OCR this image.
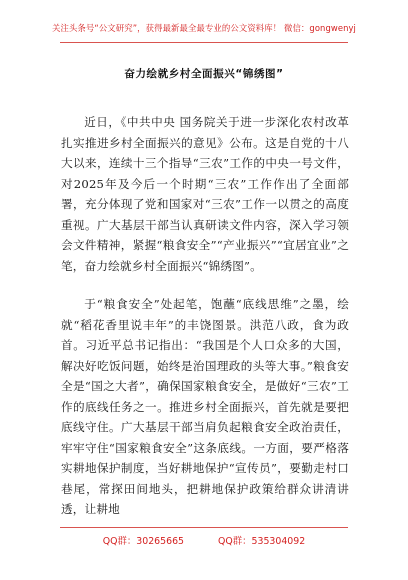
关注头条号“公文研究”，获得最新最全最专业的公文资料库！ 微信：gongwenyj
奋力绘就乡村全面振兴“锦绣图”

近日，《中共中央 国务院关于进一步深化农村改革 扎实推进乡村全面振兴的意见》公布。这是自党的十八大以来，连续十三个指导“三农”工作的中央一号文件，对2025年及今后一个时期“三农”工作作出了全面部署，充分体现了党和国家对“三农”工作一以贯之的高度重视。广大基层干部当认真研读文件内容，深入学习领会文件精神，紧握“粮食安全”“产业振兴”“宜居宜业”之笔，奋力绘就乡村全面振兴“锦绣图”。

于“粮食安全”处起笔，饱蘸“底线思维”之墨，绘就“稻花香里说丰年”的丰饶图景。洪范八政，食为政首。习近平总书记指出：“我国是个人口众多的大国，解决好吃饭问题，始终是治国理政的头等大事。”粮食安全是“国之大者”，确保国家粮食安全，是做好“三农”工作的底线任务之一。推进乡村全面振兴，首先就是要把底线守住。广大基层干部当肩负起粮食安全政治责任，牢牢守住“国家粮食安全”这条底线。一方面，要严格落实耕地保护制度，当好耕地保护“宣传员”，要勤走村口巷尾，常探田间地头，把耕地保护政策给群众讲清讲透，让耕地

QQ群：30265665	QQ群：535304092
